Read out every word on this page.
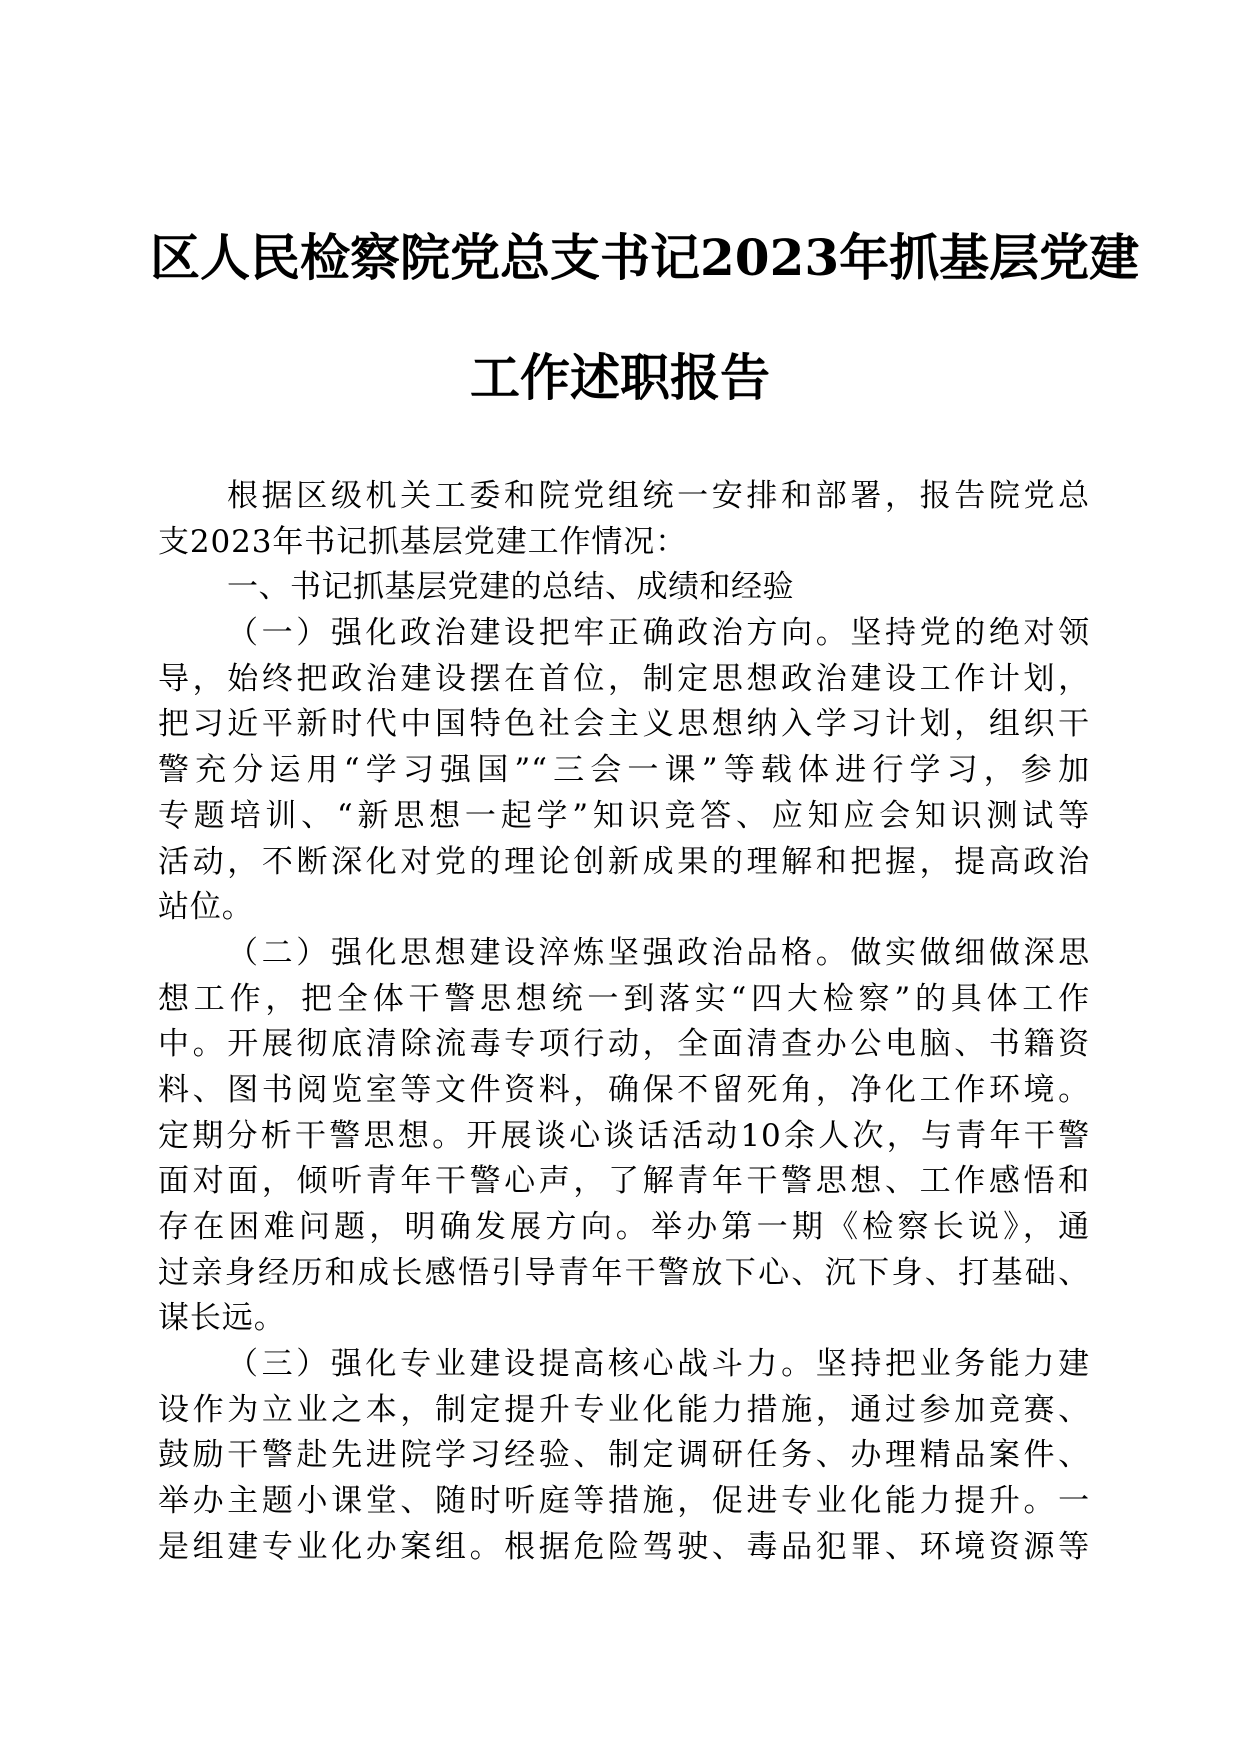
区人民检察院党总支书记2023年抓基层党建
工作述职报告
根据区级机关工委和院党组统一安排和部署，报告院党总
支2023年书记抓基层党建工作情况：
一、书记抓基层党建的总结、成绩和经验
（一）强化政治建设把牢正确政治方向。坚持党的绝对领
导，始终把政治建设摆在首位，制定思想政治建设工作计划，
把习近平新时代中国特色社会主义思想纳入学习计划，组织干
警充分运用“学习强国”“三会一课”等载体进行学习，参加
专题培训、“新思想一起学”知识竞答、应知应会知识测试等
活动，不断深化对党的理论创新成果的理解和把握，提高政治
站位。
（二）强化思想建设淬炼坚强政治品格。做实做细做深思
想工作，把全体干警思想统一到落实“四大检察”的具体工作
中。开展彻底清除流毒专项行动，全面清查办公电脑、书籍资
料、图书阅览室等文件资料，确保不留死角，净化工作环境。
定期分析干警思想。开展谈心谈话活动10余人次，与青年干警
面对面，倾听青年干警心声，了解青年干警思想、工作感悟和
存在困难问题，明确发展方向。举办第一期《检察长说》，通
过亲身经历和成长感悟引导青年干警放下心、沉下身、打基础、
谋长远。
（三）强化专业建设提高核心战斗力。坚持把业务能力建
设作为立业之本，制定提升专业化能力措施，通过参加竞赛、
鼓励干警赴先进院学习经验、制定调研任务、办理精品案件、
举办主题小课堂、随时听庭等措施，促进专业化能力提升。一
是组建专业化办案组。根据危险驾驶、毒品犯罪、环境资源等
